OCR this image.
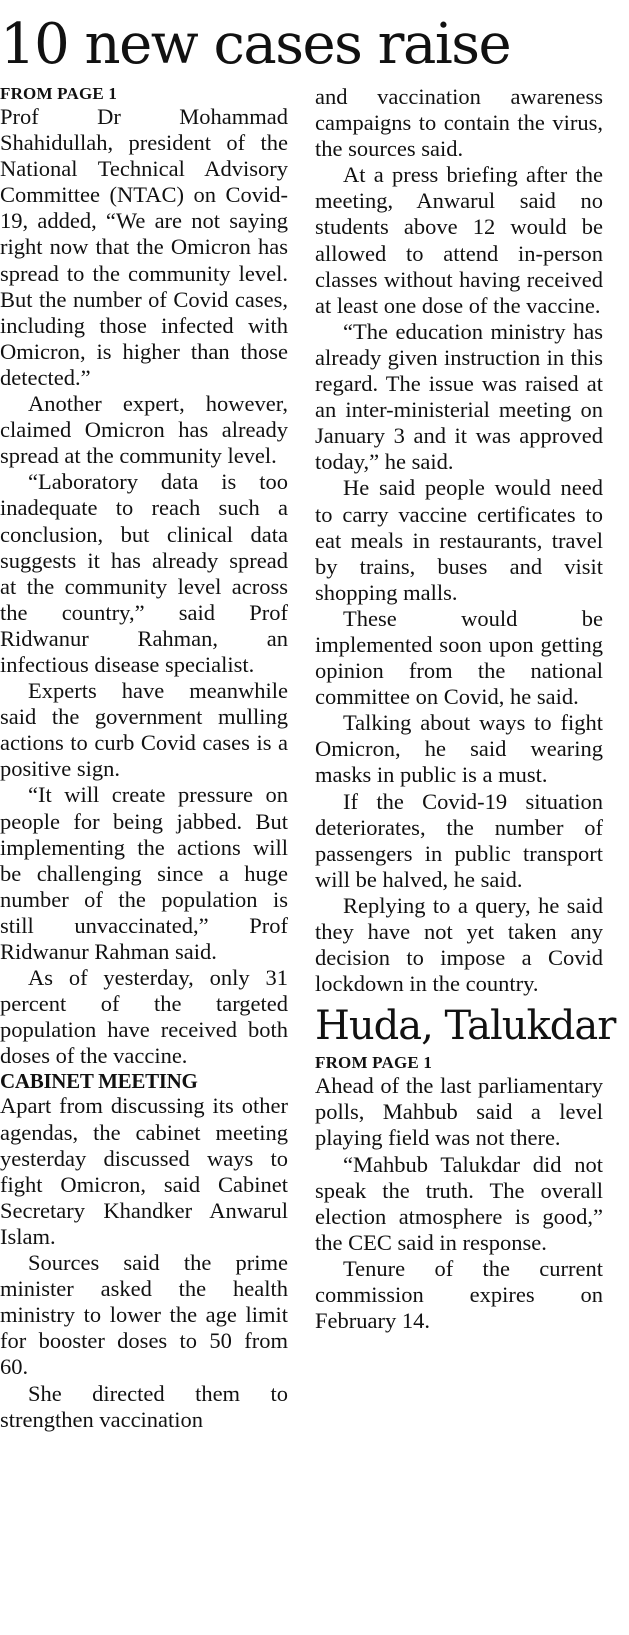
10 new cases raise
FROM PAGE 1

Prof Dr Mohammad Shahidullah, president of the National Technical Advisory Committee (NTAC) on Covid-19, added, “We are not saying right now that the Omicron has spread to the community level. But the number of Covid cases, including those infected with Omicron, is higher than those detected.”

Another expert, however, claimed Omicron has already spread at the community level.

“Laboratory data is too inadequate to reach such a conclusion, but clinical data suggests it has already spread at the community level across the country,” said Prof Ridwanur Rahman, an infectious disease specialist.

Experts have meanwhile said the government mulling actions to curb Covid cases is a positive sign.

“It will create pressure on people for being jabbed. But implementing the actions will be challenging since a huge number of the population is still unvaccinated,” Prof Ridwanur Rahman said.

As of yesterday, only 31 percent of the targeted population have received both doses of the vaccine.

CABINET MEETING

Apart from discussing its other agendas, the cabinet meeting yesterday discussed ways to fight Omicron, said Cabinet Secretary Khandker Anwarul Islam.

Sources said the prime minister asked the health ministry to lower the age limit for booster doses to 50 from 60.

She directed them to strengthen vaccination

and vaccination awareness campaigns to contain the virus, the sources said.

At a press briefing after the meeting, Anwarul said no students above 12 would be allowed to attend in-person classes without having received at least one dose of the vaccine.

“The education ministry has already given instruction in this regard. The issue was raised at an inter-ministerial meeting on January 3 and it was approved today,” he said.

He said people would need to carry vaccine certificates to eat meals in restaurants, travel by trains, buses and visit shopping malls.

These would be implemented soon upon getting opinion from the national committee on Covid, he said.

Talking about ways to fight Omicron, he said wearing masks in public is a must.

If the Covid-19 situation deteriorates, the number of passengers in public transport will be halved, he said.

Replying to a query, he said they have not yet taken any decision to impose a Covid lockdown in the country.

Huda, Talukdar
FROM PAGE 1

Ahead of the last parliamentary polls, Mahbub said a level playing field was not there.

“Mahbub Talukdar did not speak the truth. The overall election atmosphere is good,” the CEC said in response.

Tenure of the current commission expires on February 14.
